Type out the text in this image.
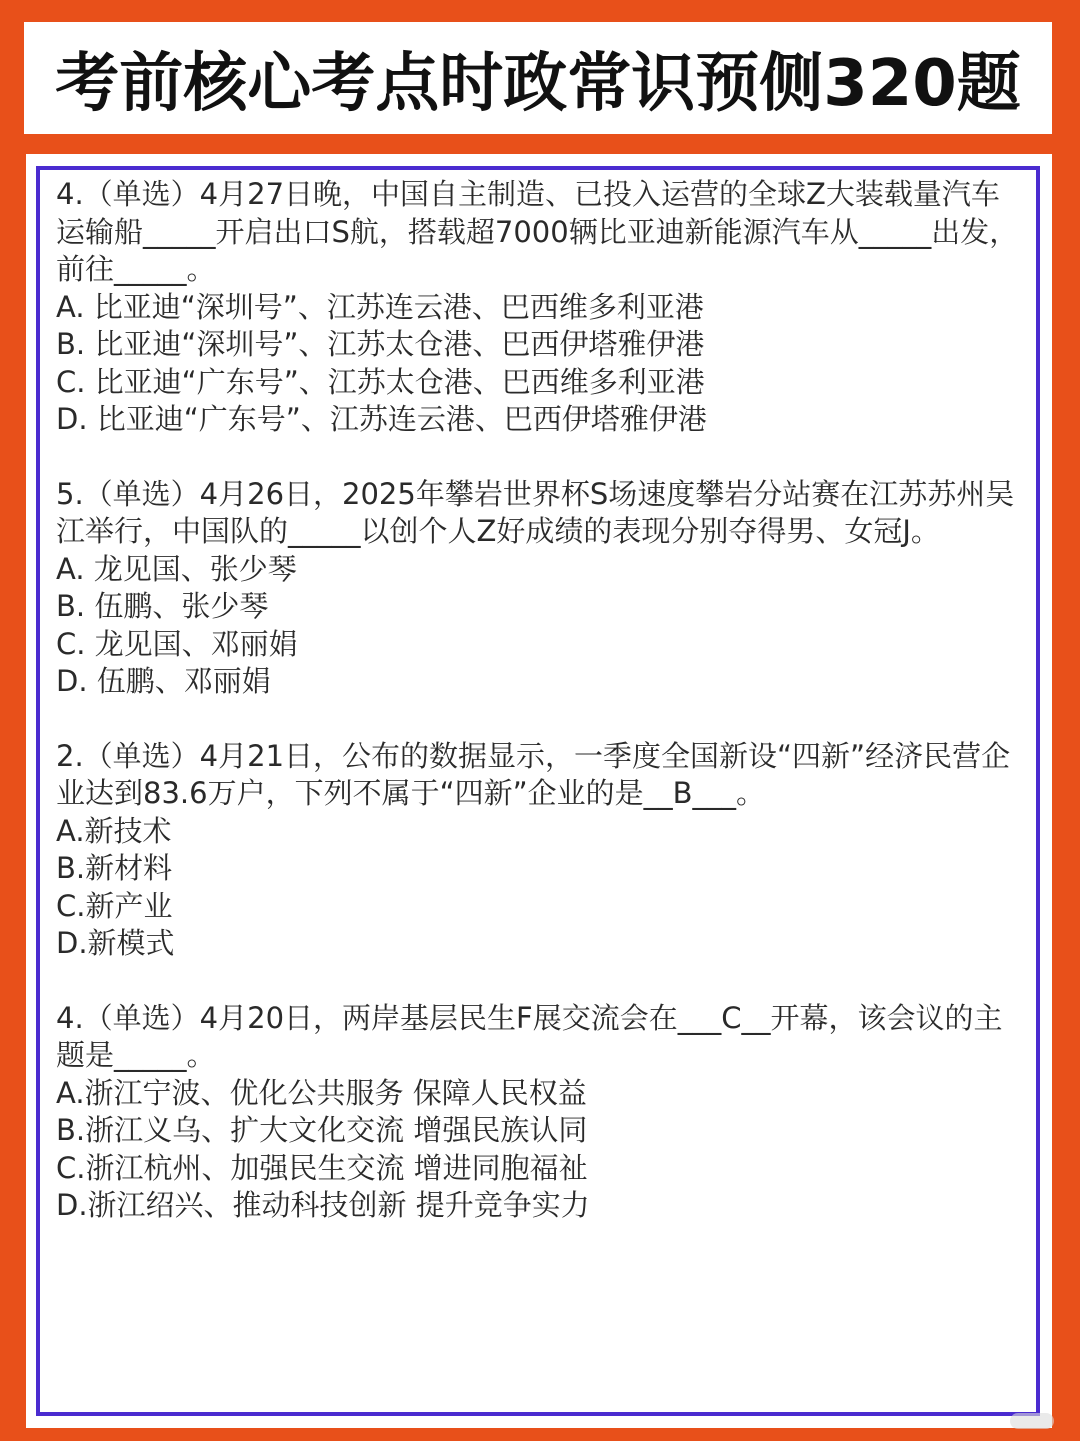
考前核心考点时政常识预侧320题
4.（单选）4月27日晚，中国自主制造、已投入运营的全球Z大装载量汽车运输船_____开启出口S航，搭载超7000辆比亚迪新能源汽车从_____出发，前往_____。
A. 比亚迪“深圳号”、江苏连云港、巴西维多利亚港
B. 比亚迪“深圳号”、江苏太仓港、巴西伊塔雅伊港
C. 比亚迪“广东号”、江苏太仓港、巴西维多利亚港
D. 比亚迪“广东号”、江苏连云港、巴西伊塔雅伊港
5.（单选）4月26日，2025年攀岩世界杯S场速度攀岩分站赛在江苏苏州吴江举行，中国队的_____以创个人Z好成绩的表现分别夺得男、女冠J。
A. 龙见国、张少琴
B. 伍鹏、张少琴
C. 龙见国、邓丽娟
D. 伍鹏、邓丽娟
2.（单选）4月21日，公布的数据显示，一季度全国新设“四新”经济民营企业达到83.6万户，下列不属于“四新”企业的是__B___。
A.新技术
B.新材料
C.新产业
D.新模式
4.（单选）4月20日，两岸基层民生F展交流会在___C__开幕，该会议的主题是_____。
A.浙江宁波、优化公共服务 保障人民权益
B.浙江义乌、扩大文化交流 增强民族认同
C.浙江杭州、加强民生交流 增进同胞福祉
D.浙江绍兴、推动科技创新 提升竞争实力
